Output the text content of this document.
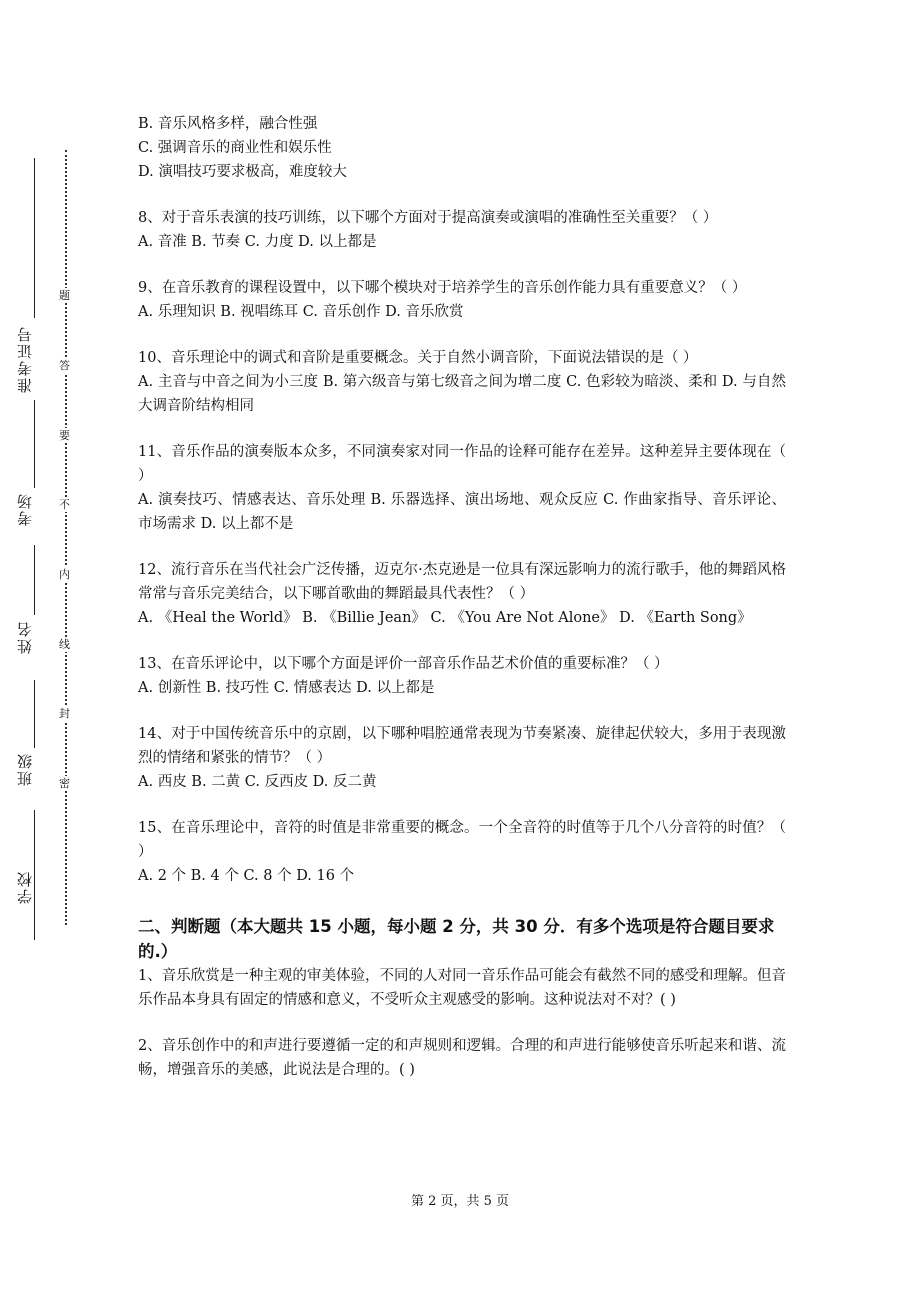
学校
班级
姓名
考场
准考证号
密
封
线
内
不
要
答
题
B. 音乐风格多样，融合性强
C. 强调音乐的商业性和娱乐性
D. 演唱技巧要求极高，难度较大
8、对于音乐表演的技巧训练，以下哪个方面对于提高演奏或演唱的准确性至关重要？（ ）
A. 音准 B. 节奏 C. 力度 D. 以上都是
9、在音乐教育的课程设置中，以下哪个模块对于培养学生的音乐创作能力具有重要意义？（ ）
A. 乐理知识 B. 视唱练耳 C. 音乐创作 D. 音乐欣赏
10、音乐理论中的调式和音阶是重要概念。关于自然小调音阶，下面说法错误的是（ ）
A. 主音与中音之间为小三度 B. 第六级音与第七级音之间为增二度 C. 色彩较为暗淡、柔和 D. 与自然大调音阶结构相同
11、音乐作品的演奏版本众多，不同演奏家对同一作品的诠释可能存在差异。这种差异主要体现在（ ）
A. 演奏技巧、情感表达、音乐处理 B. 乐器选择、演出场地、观众反应 C. 作曲家指导、音乐评论、市场需求 D. 以上都不是
12、流行音乐在当代社会广泛传播，迈克尔·杰克逊是一位具有深远影响力的流行歌手，他的舞蹈风格常常与音乐完美结合，以下哪首歌曲的舞蹈最具代表性？（ ）
A. 《Heal the World》 B. 《Billie Jean》 C. 《You Are Not Alone》 D. 《Earth Song》
13、在音乐评论中，以下哪个方面是评价一部音乐作品艺术价值的重要标准？（ ）
A. 创新性 B. 技巧性 C. 情感表达 D. 以上都是
14、对于中国传统音乐中的京剧，以下哪种唱腔通常表现为节奏紧凑、旋律起伏较大，多用于表现激烈的情绪和紧张的情节？（ ）
A. 西皮 B. 二黄 C. 反西皮 D. 反二黄
15、在音乐理论中，音符的时值是非常重要的概念。一个全音符的时值等于几个八分音符的时值？（ ）
A. 2 个 B. 4 个 C. 8 个 D. 16 个
二、判断题（本大题共 15 小题，每小题 2 分，共 30 分．有多个选项是符合题目要求的.）
1、音乐欣赏是一种主观的审美体验，不同的人对同一音乐作品可能会有截然不同的感受和理解。但音乐作品本身具有固定的情感和意义，不受听众主观感受的影响。这种说法对不对？( )
2、音乐创作中的和声进行要遵循一定的和声规则和逻辑。合理的和声进行能够使音乐听起来和谐、流畅，增强音乐的美感，此说法是合理的。( )
第 2 页，共 5 页
